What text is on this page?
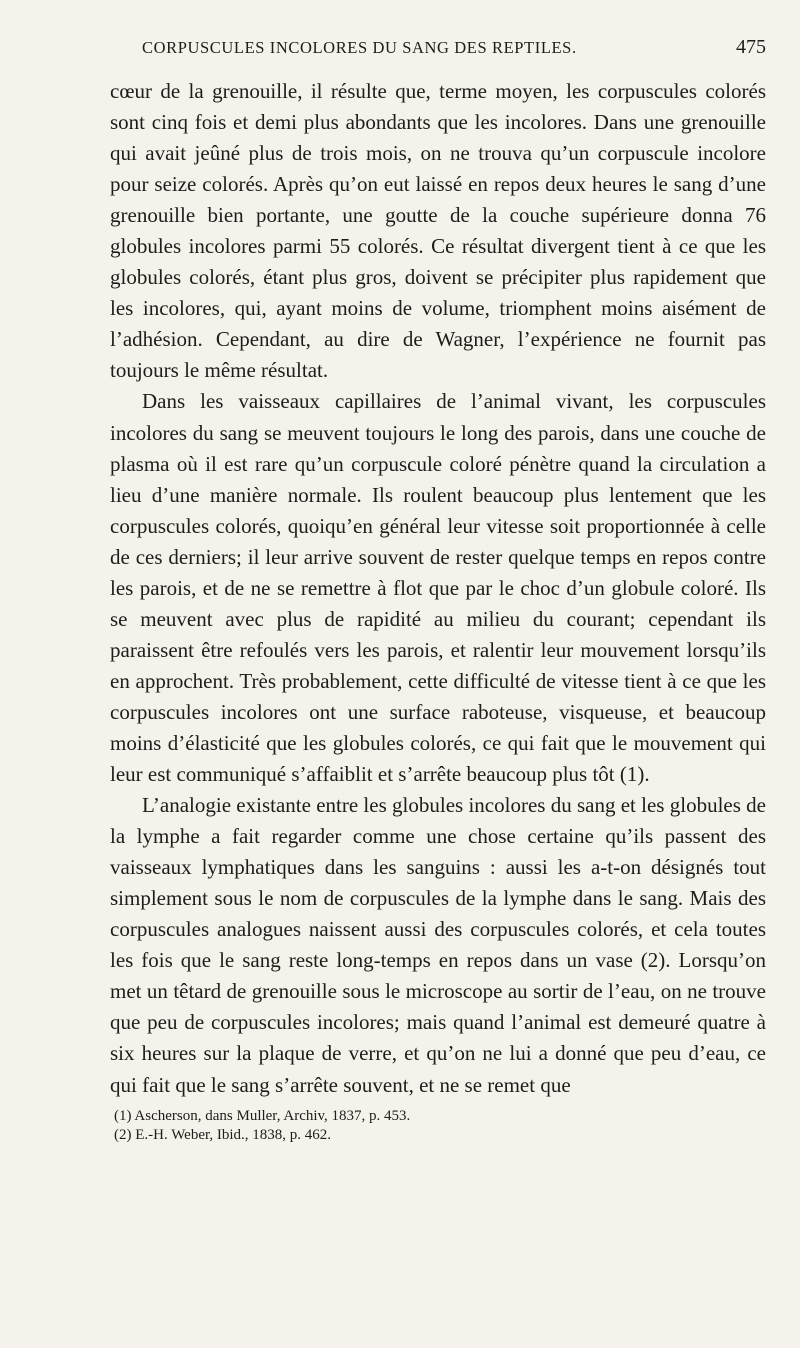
CORPUSCULES INCOLORES DU SANG DES REPTILES.	475

cœur de la grenouille, il résulte que, terme moyen, les corpuscules colorés sont cinq fois et demi plus abondants que les incolores. Dans une grenouille qui avait jeûné plus de trois mois, on ne trouva qu’un corpuscule incolore pour seize colorés. Après qu’on eut laissé en repos deux heures le sang d’une grenouille bien portante, une goutte de la couche supérieure donna 76 globules incolores parmi 55 colorés. Ce résultat divergent tient à ce que les globules colorés, étant plus gros, doivent se précipiter plus rapidement que les incolores, qui, ayant moins de volume, triomphent moins aisément de l’adhésion. Cependant, au dire de Wagner, l’expérience ne fournit pas toujours le même résultat.

Dans les vaisseaux capillaires de l’animal vivant, les corpuscules incolores du sang se meuvent toujours le long des parois, dans une couche de plasma où il est rare qu’un corpuscule coloré pénètre quand la circulation a lieu d’une manière normale. Ils roulent beaucoup plus lentement que les corpuscules colorés, quoiqu’en général leur vitesse soit proportionnée à celle de ces derniers; il leur arrive souvent de rester quelque temps en repos contre les parois, et de ne se remettre à flot que par le choc d’un globule coloré. Ils se meuvent avec plus de rapidité au milieu du courant; cependant ils paraissent être refoulés vers les parois, et ralentir leur mouvement lorsqu’ils en approchent. Très probablement, cette difficulté de vitesse tient à ce que les corpuscules incolores ont une surface raboteuse, visqueuse, et beaucoup moins d’élasticité que les globules colorés, ce qui fait que le mouvement qui leur est communiqué s’affaiblit et s’arrête beaucoup plus tôt (1).

L’analogie existante entre les globules incolores du sang et les globules de la lymphe a fait regarder comme une chose certaine qu’ils passent des vaisseaux lymphatiques dans les sanguins : aussi les a-t-on désignés tout simplement sous le nom de corpuscules de la lymphe dans le sang. Mais des corpuscules analogues naissent aussi des corpuscules colorés, et cela toutes les fois que le sang reste long-temps en repos dans un vase (2). Lorsqu’on met un têtard de grenouille sous le microscope au sortir de l’eau, on ne trouve que peu de corpuscules incolores; mais quand l’animal est demeuré quatre à six heures sur la plaque de verre, et qu’on ne lui a donné que peu d’eau, ce qui fait que le sang s’arrête souvent, et ne se remet que

(1) Ascherson, dans Muller, Archiv, 1837, p. 453.

(2) E.-H. Weber, Ibid., 1838, p. 462.
